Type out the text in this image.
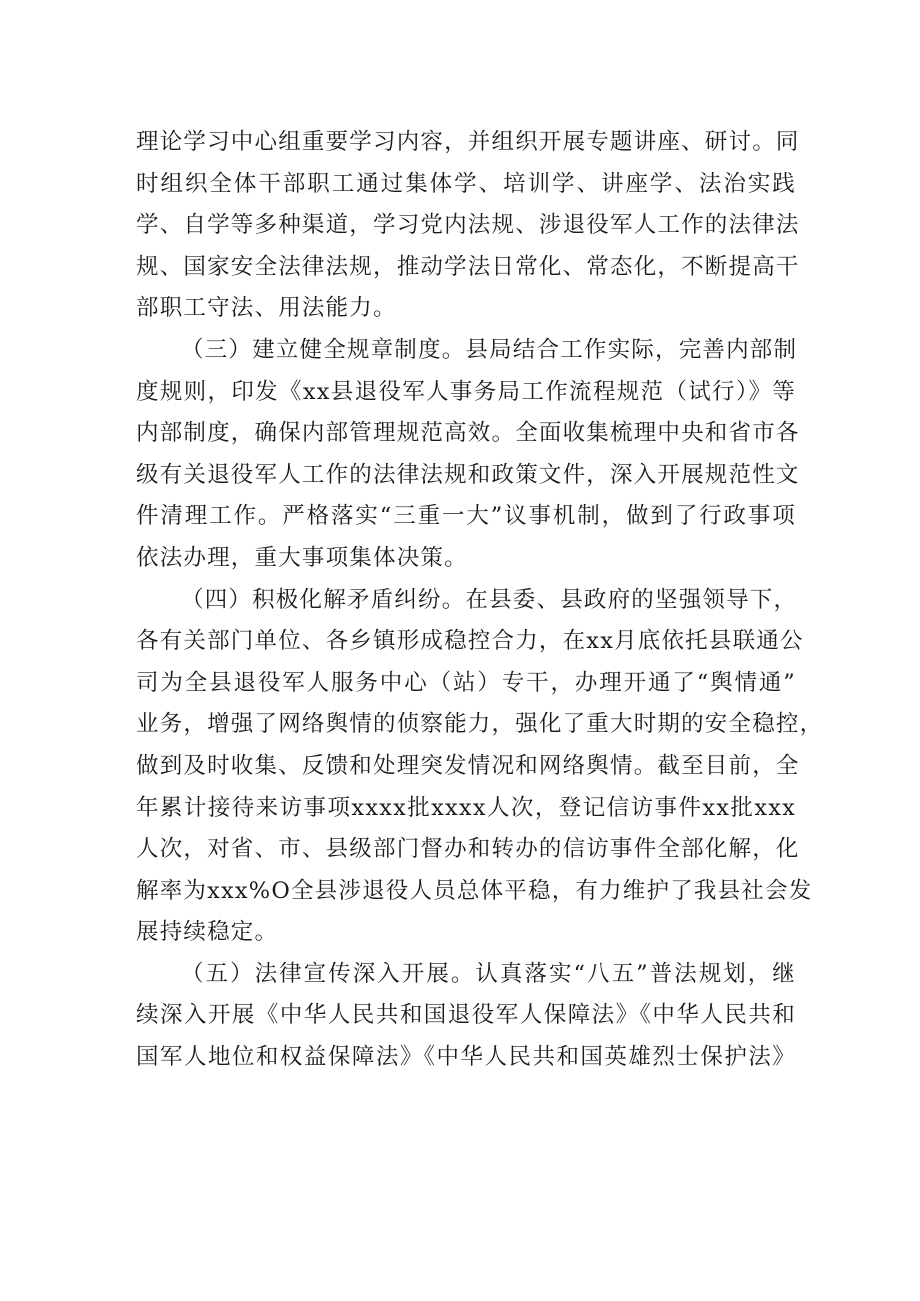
理论学习中心组重要学习内容，并组织开展专题讲座、研讨。同
时组织全体干部职工通过集体学、培训学、讲座学、法治实践
学、自学等多种渠道，学习党内法规、涉退役军人工作的法律法
规、国家安全法律法规，推动学法日常化、常态化，不断提高干
部职工守法、用法能力。
（三）建立健全规章制度。县局结合工作实际，完善内部制
度规则，印发《xx县退役军人事务局工作流程规范（试行）》等
内部制度，确保内部管理规范高效。全面收集梳理中央和省市各
级有关退役军人工作的法律法规和政策文件，深入开展规范性文
件清理工作。严格落实“三重一大”议事机制，做到了行政事项
依法办理，重大事项集体决策。
（四）积极化解矛盾纠纷。在县委、县政府的坚强领导下，
各有关部门单位、各乡镇形成稳控合力，在xx月底依托县联通公
司为全县退役军人服务中心（站）专干，办理开通了“舆情通”
业务，增强了网络舆情的侦察能力，强化了重大时期的安全稳控，
做到及时收集、反馈和处理突发情况和网络舆情。截至目前，全
年累计接待来访事项xxxx批xxxx人次，登记信访事件xx批xxx
人次，对省、市、县级部门督办和转办的信访事件全部化解，化
解率为xxx%O全县涉退役人员总体平稳，有力维护了我县社会发
展持续稳定。
（五）法律宣传深入开展。认真落实“八五”普法规划，继
续深入开展《中华人民共和国退役军人保障法》《中华人民共和
国军人地位和权益保障法》《中华人民共和国英雄烈士保护法》
